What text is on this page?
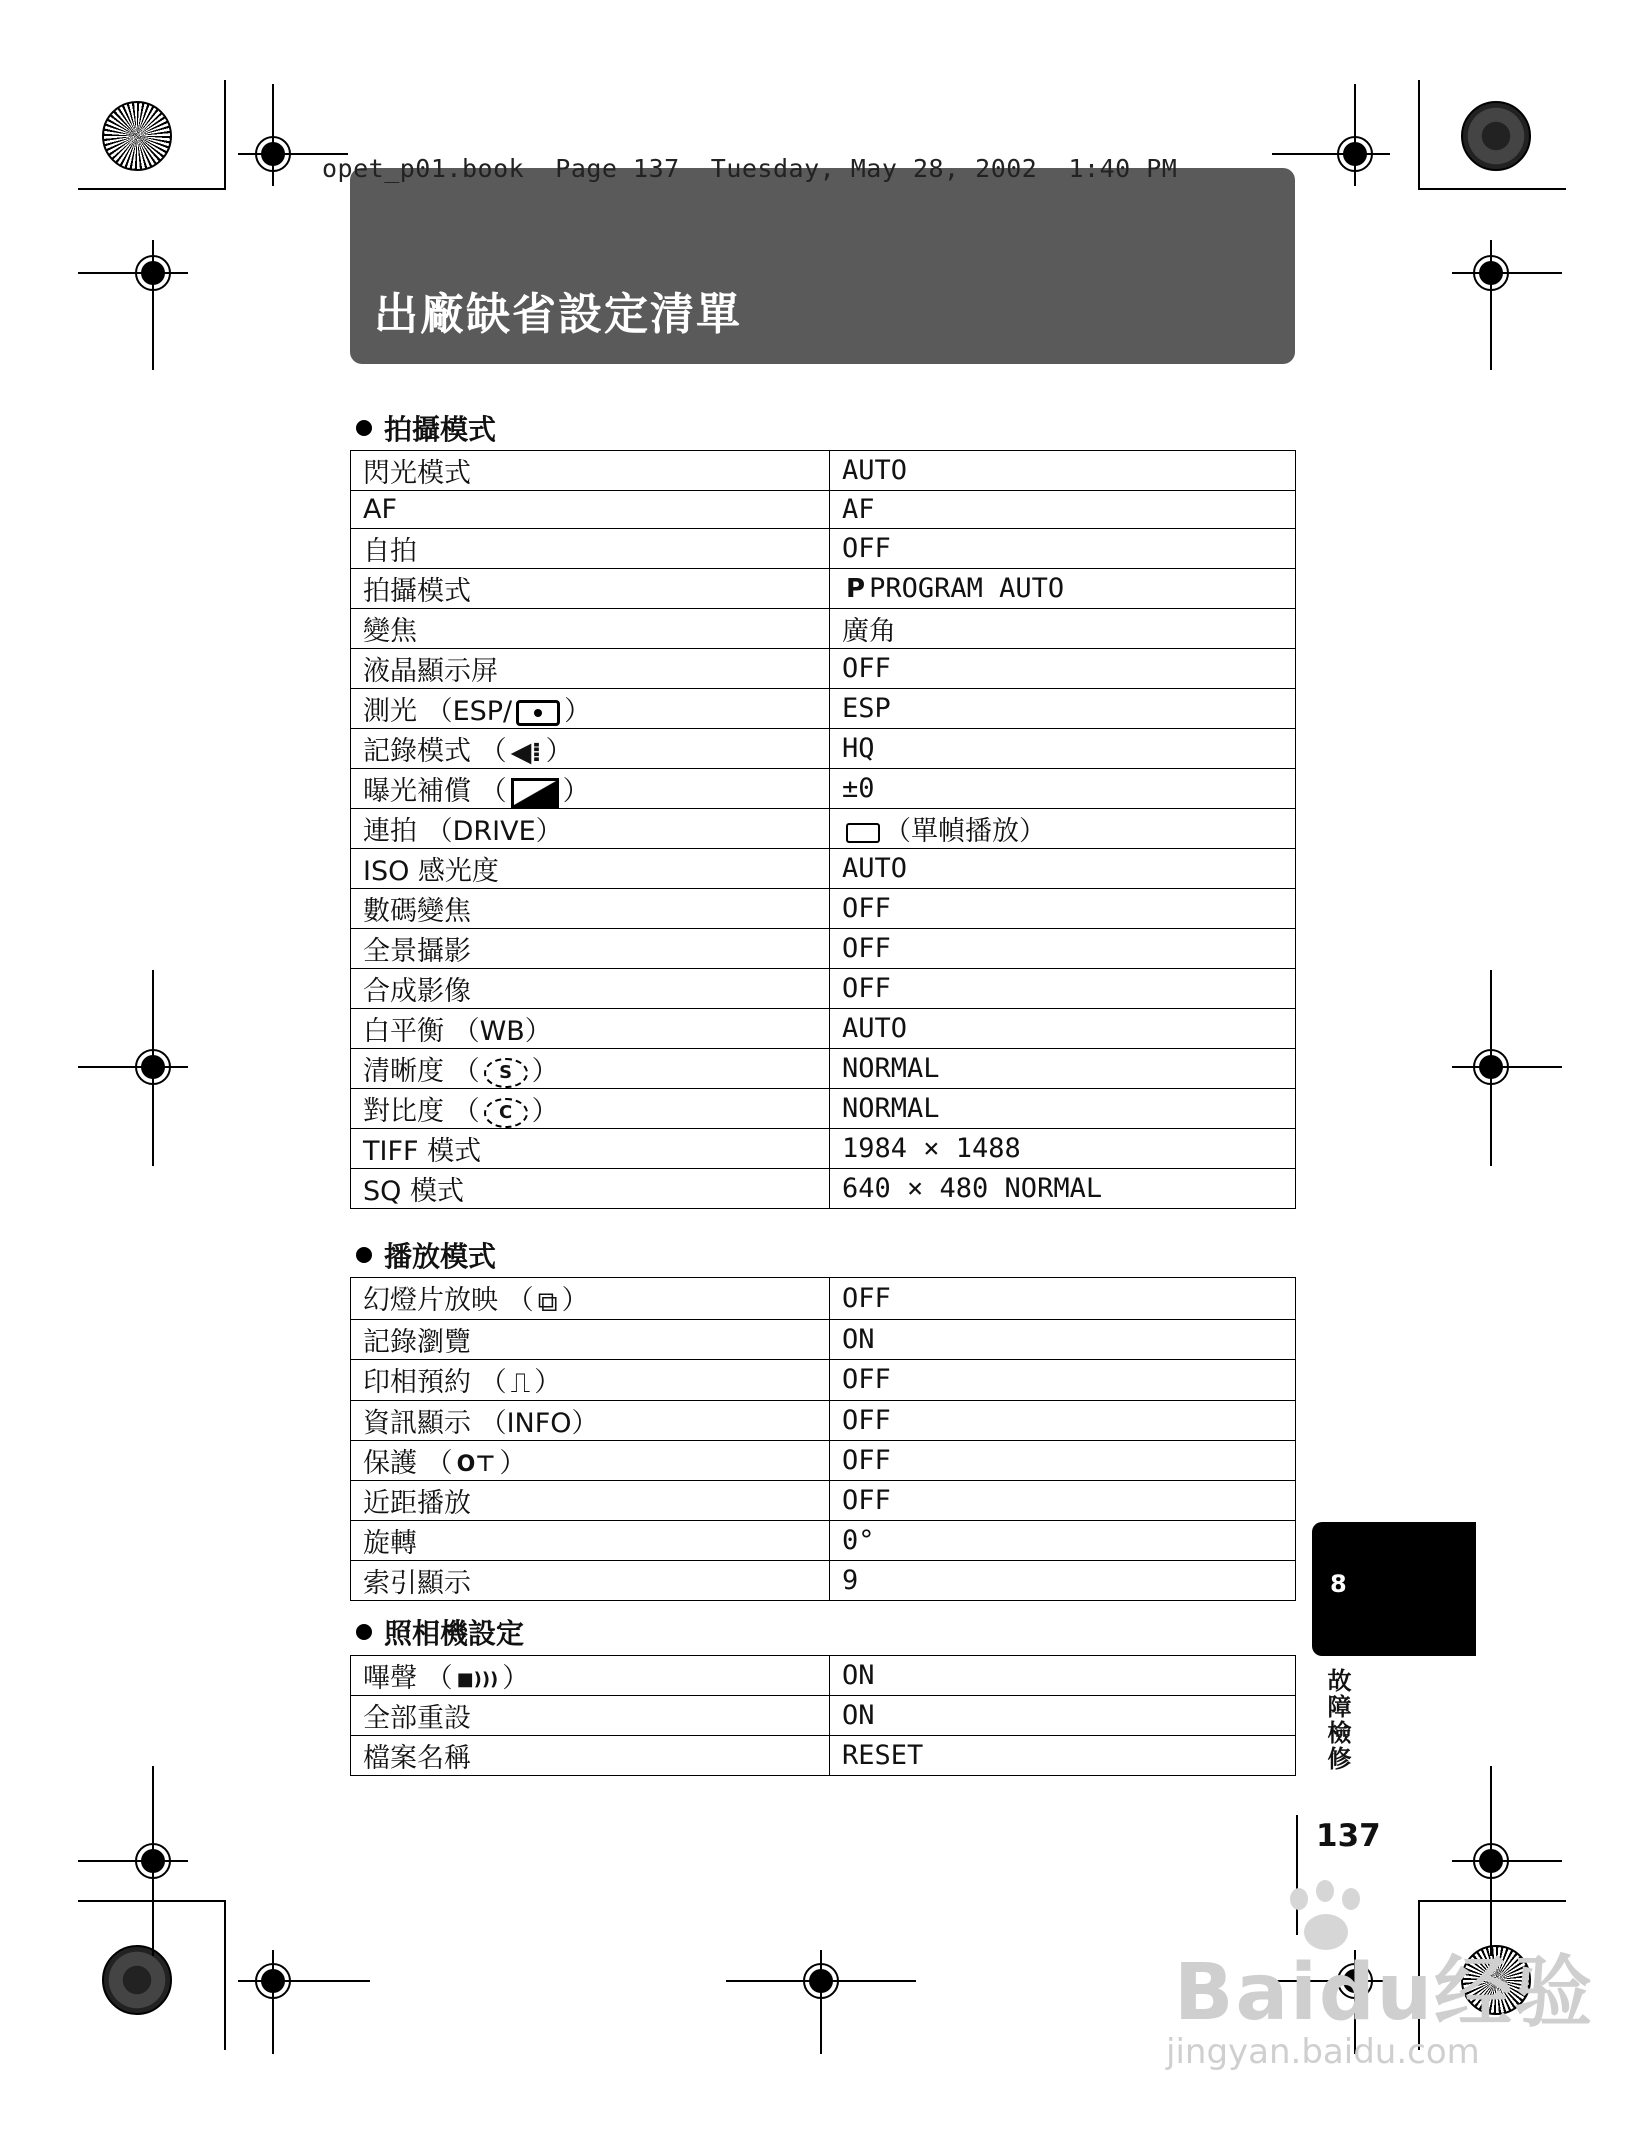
出廠缺省設定清單
opet_p01.book  Page 137  Tuesday, May 28, 2002  1:40 PM
拍攝模式
閃光模式	AUTO
AF	AF
自拍	OFF
拍攝模式	P PROGRAM AUTO
變焦	廣角
液晶顯示屏	OFF
測光 （ESP/ ）	ESP
記錄模式 （ ◀⁞ ）	HQ
曝光補償 （ ）	±0
連拍 （DRIVE）	（單幀播放）
ISO 感光度	AUTO
數碼變焦	OFF
全景攝影	OFF
合成影像	OFF
白平衡 （WB）	AUTO
清晰度 （ S ）	NORMAL
對比度 （ C ）	NORMAL
TIFF 模式	1984 × 1488
SQ 模式	640 × 480 NORMAL
播放模式
幻燈片放映 （ ⧉ ）	OFF
記錄瀏覽	ON
印相預約 （ ⎍ ）	OFF
資訊顯示 （INFO）	OFF
保護 （ O⊤ ）	OFF
近距播放	OFF
旋轉	0°
索引顯示	9
照相機設定
嗶聲 （ ■))) ）	ON
全部重設	ON
檔案名稱	RESET
8
故障檢修
137
Baidu经验
jingyan.baidu.com
